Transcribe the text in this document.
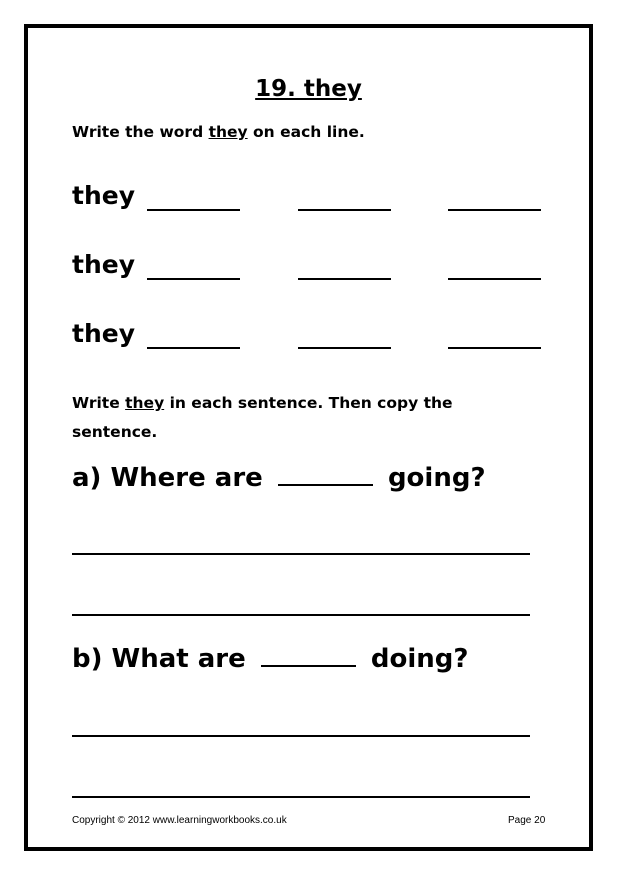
19. they
Write the word they on each line.
they
they
they
Write they in each sentence. Then copy the
sentence.
a) Where are	going?
b) What are	doing?
Copyright © 2012 www.learningworkbooks.co.uk	Page 20
